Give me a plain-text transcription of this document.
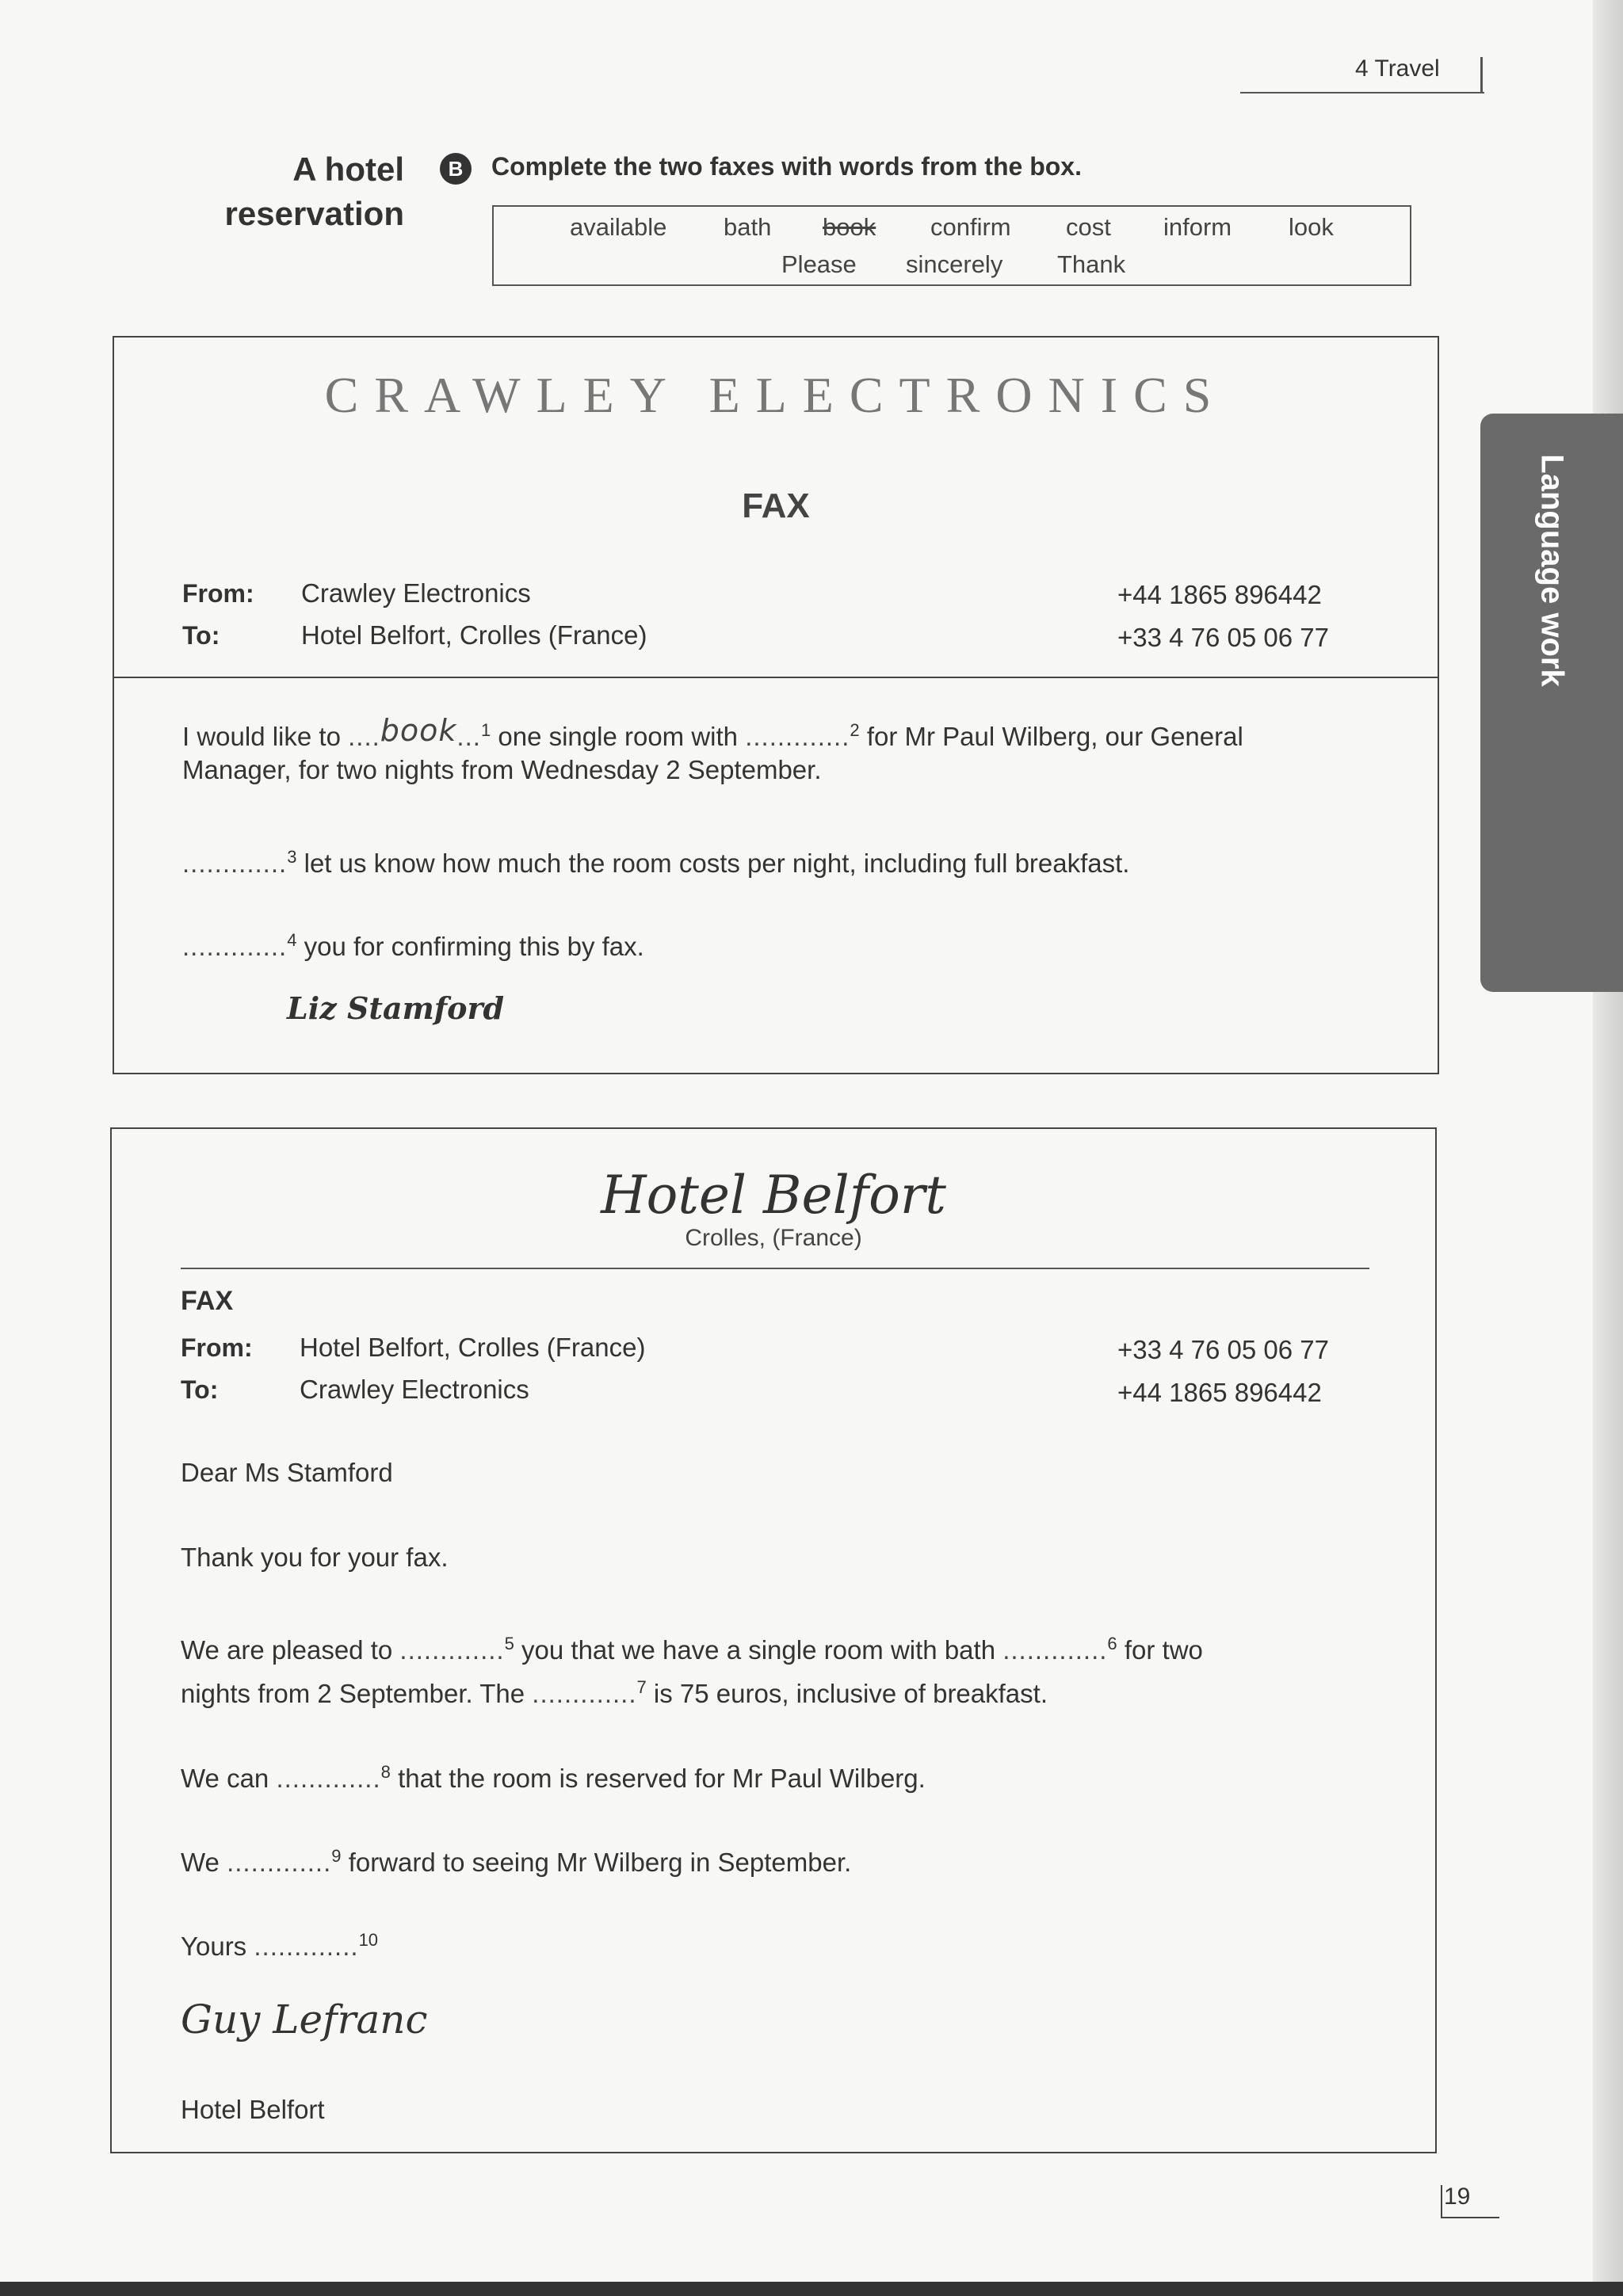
4 Travel
A hotel
reservation
B	Complete the two faxes with words from the box.
available bath book confirm cost inform look
Please sincerely Thank
Language work
CRAWLEY ELECTRONICS
FAX
From: Crawley Electronics	+44 1865 896442
To:	Hotel Belfort, Crolles (France)	+33 4 76 05 06 77
I would like to ....book...$^1$ one single room with .............$^2$ for Mr Paul Wilberg, our General
Manager, for two nights from Wednesday 2 September.
.............$^3$ let us know how much the room costs per night, including full breakfast.
.............$^4$ you for confirming this by fax.
Liz Stamford
Hotel Belfort
Crolles, (France)
FAX
From: Hotel Belfort, Crolles (France)	+33 4 76 05 06 77
To:	Crawley Electronics	+44 1865 896442
Dear Ms Stamford
Thank you for your fax.
We are pleased to .............$^5$ you that we have a single room with bath .............$^6$ for two
nights from 2 September. The .............$^7$ is 75 euros, inclusive of breakfast.
We can .............$^8$ that the room is reserved for Mr Paul Wilberg.
We .............$^9$ forward to seeing Mr Wilberg in September.
Yours .............$^{10}$
Guy Lefranc
Hotel Belfort
19
